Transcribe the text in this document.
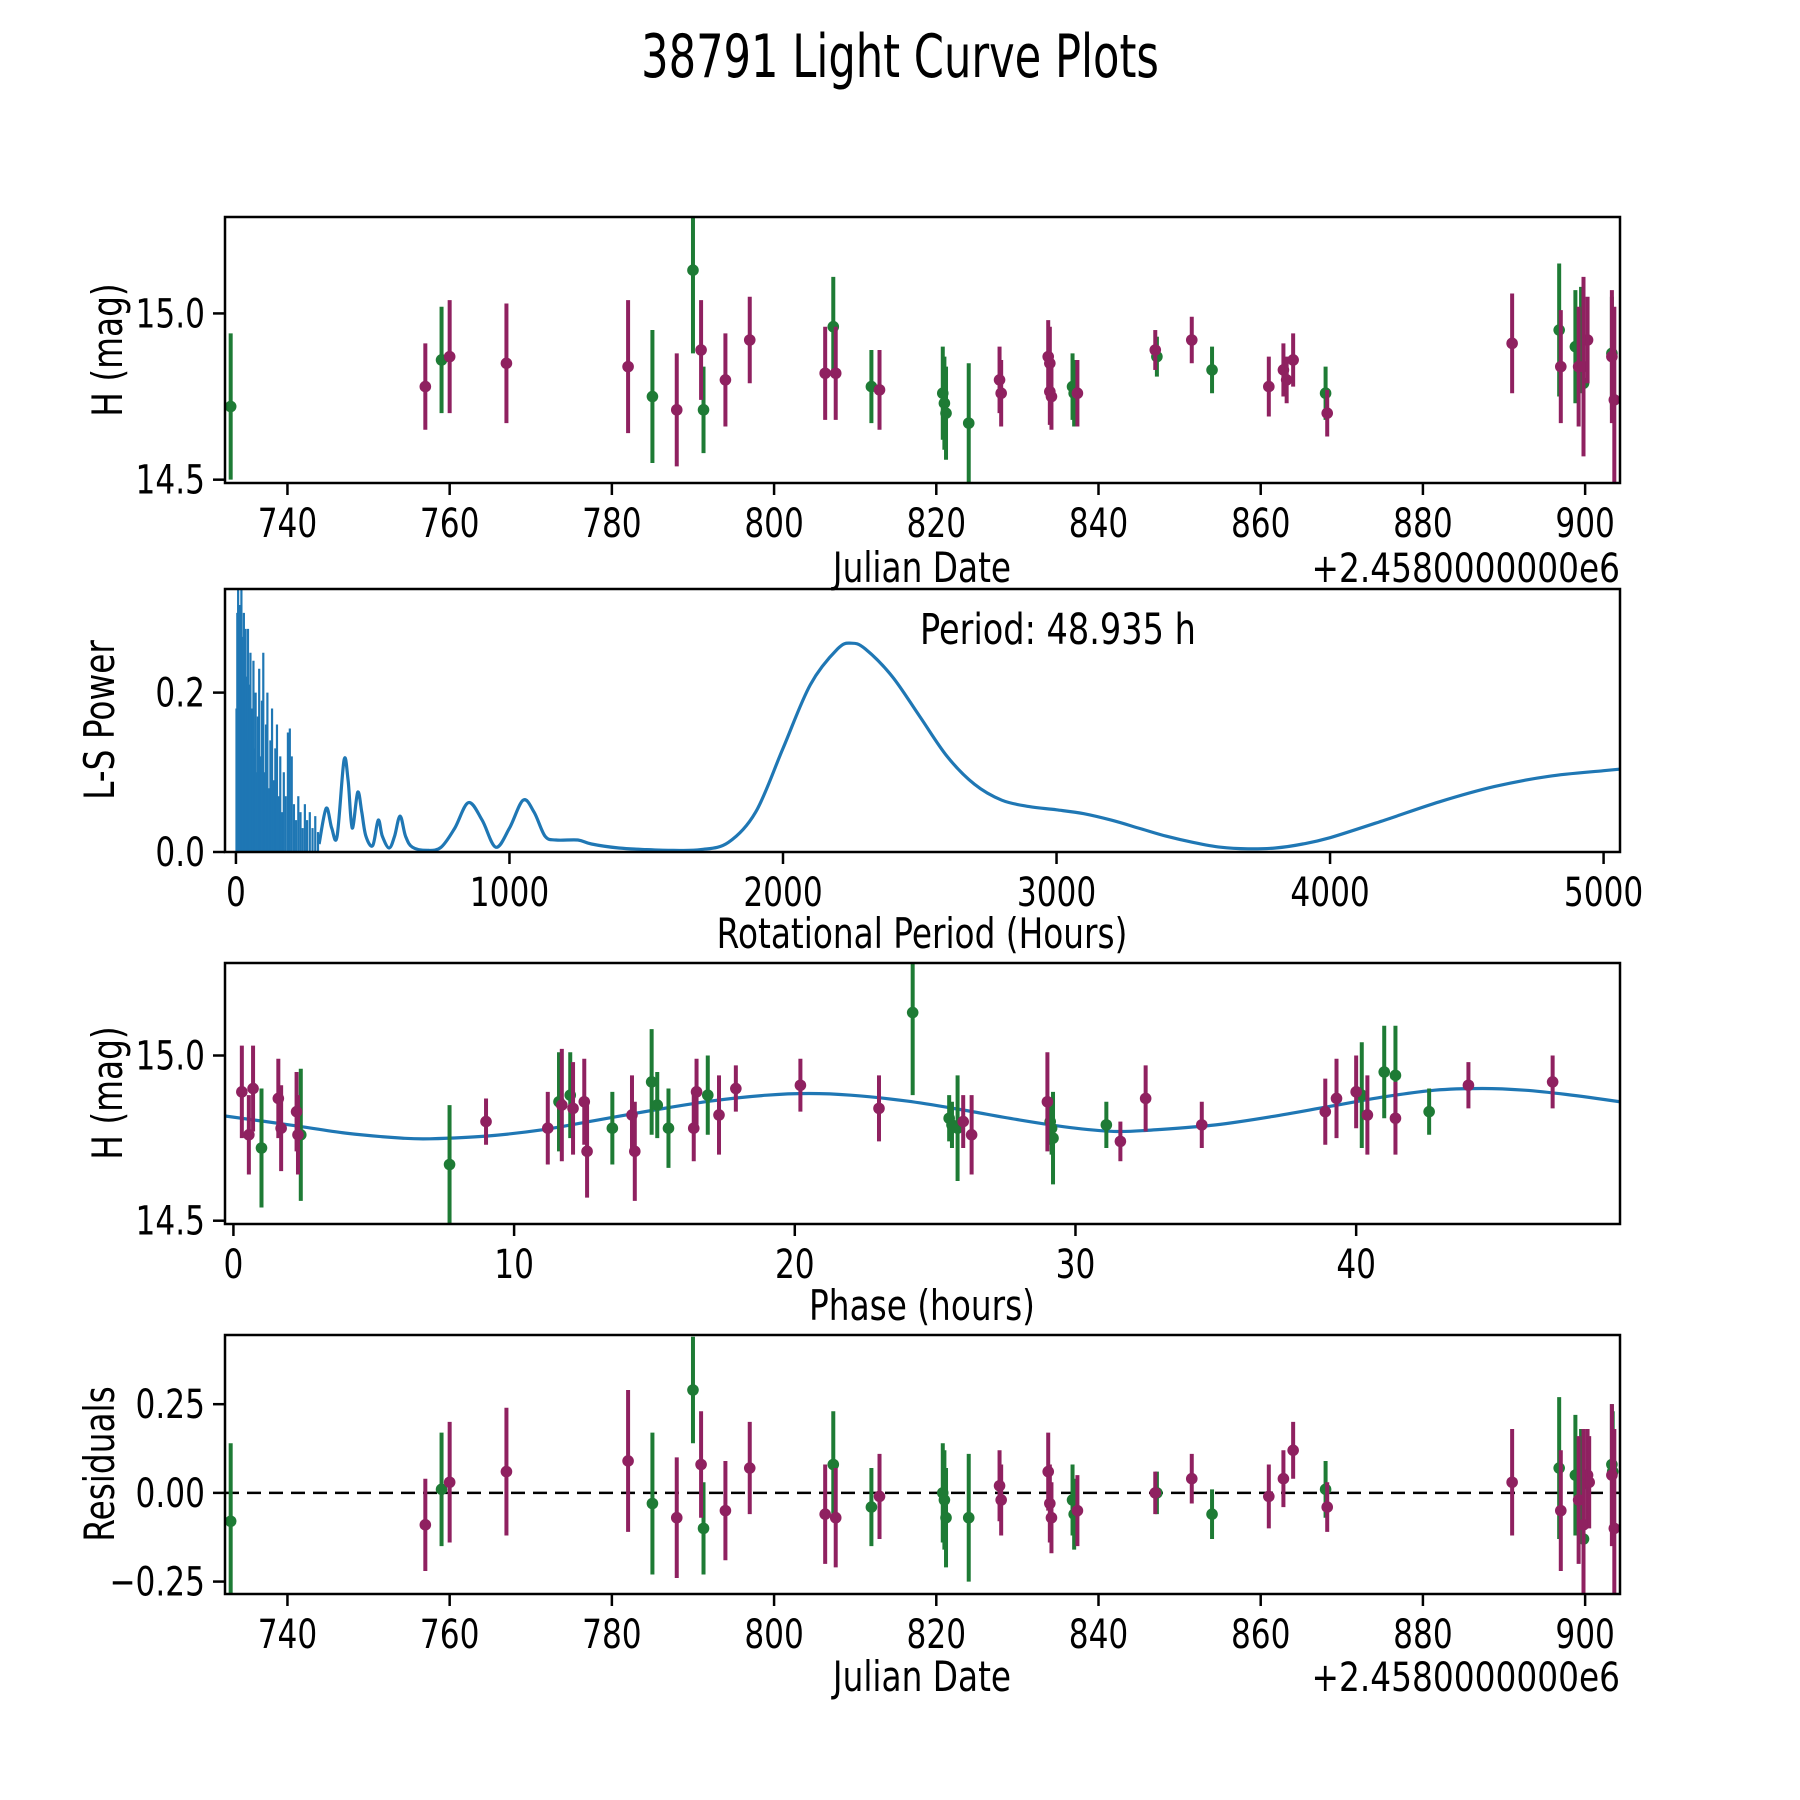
38791 Light Curve Plots
740	760	780	800	820	840	860	880	900
14.5
15.0
0	1000	2000	3000	4000	5000
0.0
0.2
0	10	20	30	40
14.5
15.0
740	760	780	800	820	840	860	880	900
−0.25
0.00
0.25
H (mag)
Julian Date	+2.4580000000e6
L-S Power
Rotational Period (Hours)
Period: 48.935 h
H (mag)
Phase (hours)
Residuals
Julian Date	+2.4580000000e6
